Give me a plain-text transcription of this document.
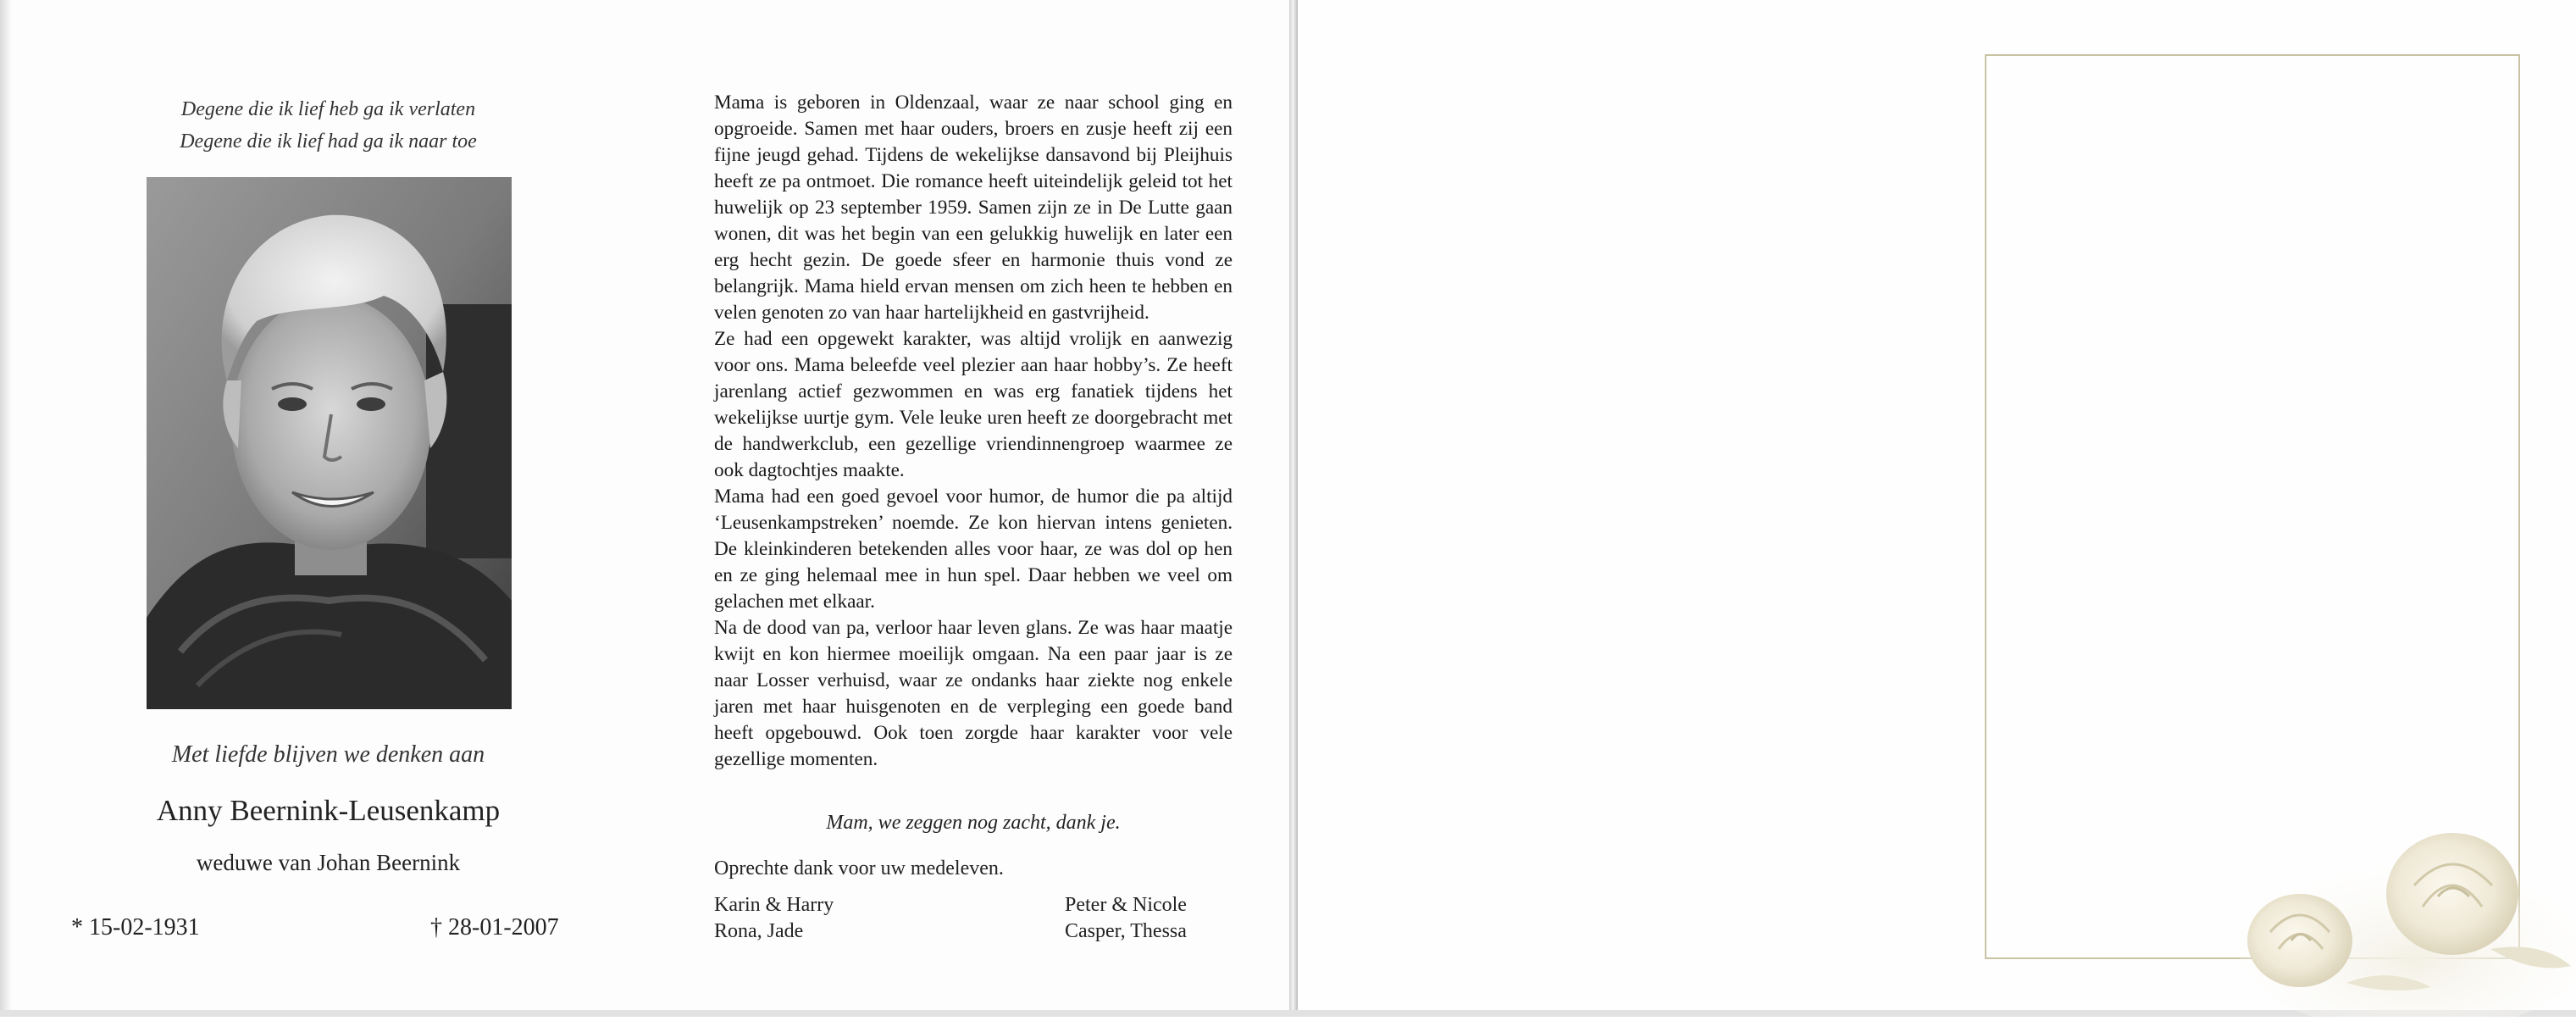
Degene die ik lief heb ga ik verlaten
Degene die ik lief had ga ik naar toe
Met liefde blijven we denken aan
Anny Beernink-Leusenkamp
weduwe van Johan Beernink
* 15-02-1931	† 28-01-2007

Mama is geboren in Oldenzaal, waar ze naar school ging en opgroeide. Samen met haar ouders, broers en zusje heeft zij een fijne jeugd gehad. Tijdens de wekelijkse dansavond bij Pleijhuis heeft ze pa ontmoet. Die romance heeft uiteindelijk geleid tot het huwelijk op 23 september 1959. Samen zijn ze in De Lutte gaan wonen, dit was het begin van een gelukkig huwelijk en later een erg hecht gezin. De goede sfeer en harmonie thuis vond ze belangrijk. Mama hield ervan mensen om zich heen te hebben en velen genoten zo van haar hartelijkheid en gastvrijheid.

Ze had een opgewekt karakter, was altijd vrolijk en aanwezig voor ons. Mama beleefde veel plezier aan haar hobby’s. Ze heeft jarenlang actief gezwommen en was erg fanatiek tijdens het wekelijkse uurtje gym. Vele leuke uren heeft ze doorgebracht met de handwerkclub, een gezellige vriendinnengroep waarmee ze ook dagtochtjes maakte.

Mama had een goed gevoel voor humor, de humor die pa altijd ‘Leusenkampstreken’ noemde. Ze kon hiervan intens genieten. De kleinkinderen betekenden alles voor haar, ze was dol op hen en ze ging helemaal mee in hun spel. Daar hebben we veel om gelachen met elkaar.

Na de dood van pa, verloor haar leven glans. Ze was haar maatje kwijt en kon hiermee moeilijk omgaan. Na een paar jaar is ze naar Losser verhuisd, waar ze ondanks haar ziekte nog enkele jaren met haar huisgenoten en de verpleging een goede band heeft opgebouwd. Ook toen zorgde haar karakter voor vele gezellige momenten.

Mam, we zeggen nog zacht, dank je.
Oprechte dank voor uw medeleven.
Karin & Harry
Rona, Jade
Peter & Nicole
Casper, Thessa
